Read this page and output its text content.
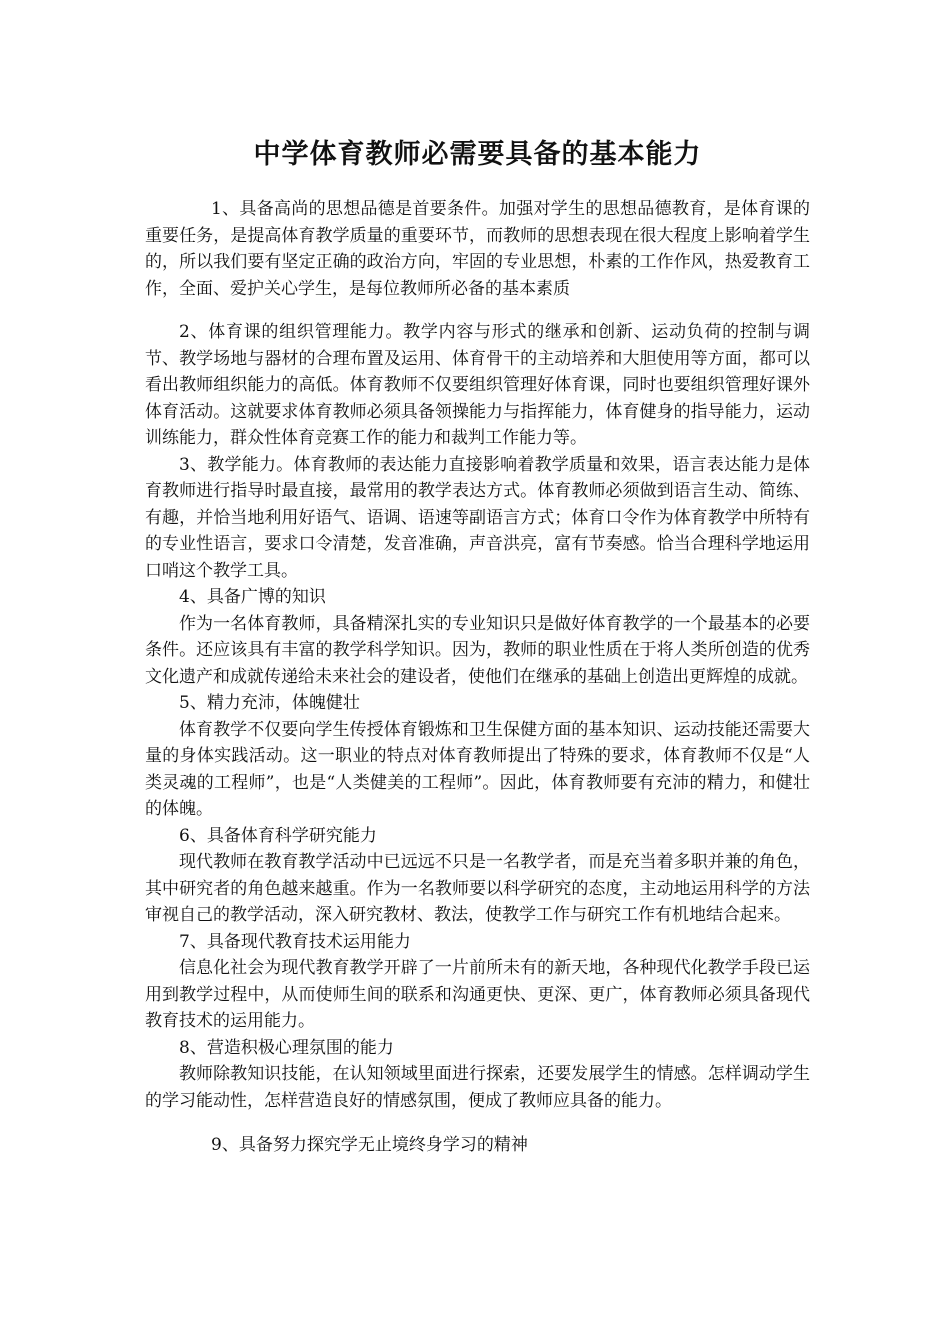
中学体育教师必需要具备的基本能力

1、具备高尚的思想品德是首要条件。加强对学生的思想品德教育，是体育课的重要任务，是提高体育教学质量的重要环节，而教师的思想表现在很大程度上影响着学生的，所以我们要有坚定正确的政治方向，牢固的专业思想，朴素的工作作风，热爱教育工作，全面、爱护关心学生，是每位教师所必备的基本素质

2、体育课的组织管理能力。教学内容与形式的继承和创新、运动负荷的控制与调节、教学场地与器材的合理布置及运用、体育骨干的主动培养和大胆使用等方面，都可以看出教师组织能力的高低。体育教师不仅要组织管理好体育课，同时也要组织管理好课外体育活动。这就要求体育教师必须具备领操能力与指挥能力，体育健身的指导能力，运动训练能力，群众性体育竞赛工作的能力和裁判工作能力等。

3、教学能力。体育教师的表达能力直接影响着教学质量和效果，语言表达能力是体育教师进行指导时最直接，最常用的教学表达方式。体育教师必须做到语言生动、简练、有趣，并恰当地利用好语气、语调、语速等副语言方式；体育口令作为体育教学中所特有的专业性语言，要求口令清楚，发音准确，声音洪亮，富有节奏感。恰当合理科学地运用口哨这个教学工具。

4、具备广博的知识

作为一名体育教师，具备精深扎实的专业知识只是做好体育教学的一个最基本的必要条件。还应该具有丰富的教学科学知识。因为，教师的职业性质在于将人类所创造的优秀文化遗产和成就传递给未来社会的建设者，使他们在继承的基础上创造出更辉煌的成就。

5、精力充沛，体魄健壮

体育教学不仅要向学生传授体育锻炼和卫生保健方面的基本知识、运动技能还需要大量的身体实践活动。这一职业的特点对体育教师提出了特殊的要求，体育教师不仅是“人类灵魂的工程师”，也是“人类健美的工程师”。因此，体育教师要有充沛的精力，和健壮的体魄。

6、具备体育科学研究能力

现代教师在教育教学活动中已远远不只是一名教学者，而是充当着多职并兼的角色，其中研究者的角色越来越重。作为一名教师要以科学研究的态度，主动地运用科学的方法审视自己的教学活动，深入研究教材、教法，使教学工作与研究工作有机地结合起来。

7、具备现代教育技术运用能力

信息化社会为现代教育教学开辟了一片前所未有的新天地，各种现代化教学手段已运用到教学过程中，从而使师生间的联系和沟通更快、更深、更广，体育教师必须具备现代教育技术的运用能力。

8、营造积极心理氛围的能力

教师除教知识技能，在认知领域里面进行探索，还要发展学生的情感。怎样调动学生的学习能动性，怎样营造良好的情感氛围，便成了教师应具备的能力。

9、具备努力探究学无止境终身学习的精神
